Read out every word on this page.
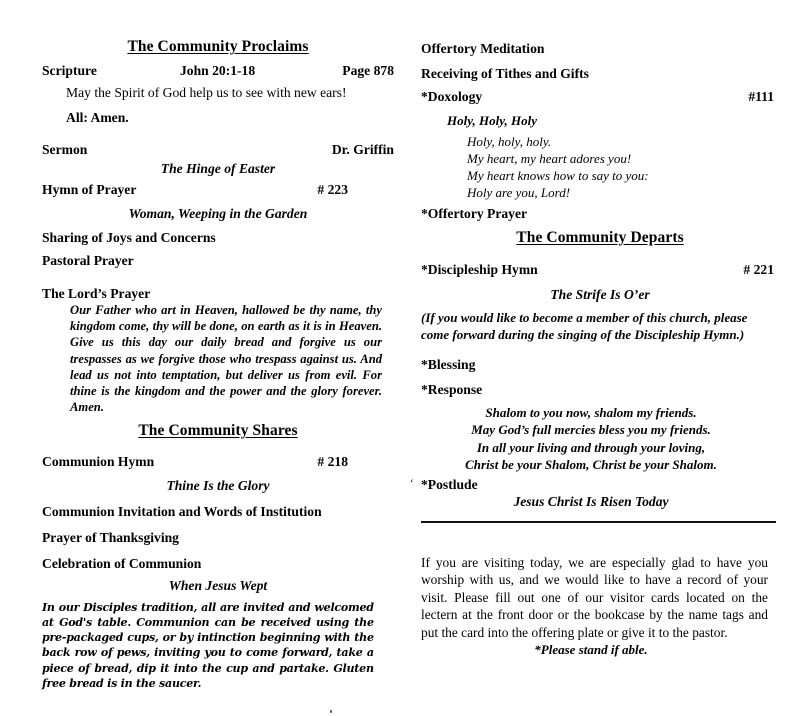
The Community Proclaims
Scripture	John 20:1-18	Page 878
May the Spirit of God help us to see with new ears!
All: Amen.
Sermon	Dr. Griffin
The Hinge of Easter
Hymn of Prayer	# 223
Woman, Weeping in the Garden
Sharing of Joys and Concerns
Pastoral Prayer
The Lord’s Prayer
Our Father who art in Heaven, hallowed be thy name, thy kingdom come, thy will be done, on earth as it is in Heaven. Give us this day our daily bread and forgive us our trespasses as we forgive those who trespass against us. And lead us not into temptation, but deliver us from evil. For thine is the kingdom and the power and the glory forever. Amen.
The Community Shares
Communion Hymn	# 218
Thine Is the Glory
Communion Invitation and Words of Institution
Prayer of Thanksgiving
Celebration of Communion
When Jesus Wept
In our Disciples tradition, all are invited and welcomed at God's table. Communion can be received using the pre-packaged cups, or by intinction beginning with the back row of pews, inviting you to come forward, take a piece of bread, dip it into the cup and partake. Gluten free bread is in the saucer.
Offertory Meditation
Receiving of Tithes and Gifts
*Doxology	#111
Holy, Holy, Holy
Holy, holy, holy.
My heart, my heart adores you!
My heart knows how to say to you:
Holy are you, Lord!
*Offertory Prayer
The Community Departs
*Discipleship Hymn	# 221
The Strife Is O’er
(If you would like to become a member of this church, please come forward during the singing of the Discipleship Hymn.)
*Blessing
*Response
Shalom to you now, shalom my friends.
May God’s full mercies bless you my friends.
In all your living and through your loving,
Christ be your Shalom, Christ be your Shalom.
‘ *Postlude
Jesus Christ Is Risen Today
If you are visiting today, we are especially glad to have you worship with us, and we would like to have a record of your visit. Please fill out one of our visitor cards located on the lectern at the front door or the bookcase by the name tags and put the card into the offering plate or give it to the pastor.
*Please stand if able.
